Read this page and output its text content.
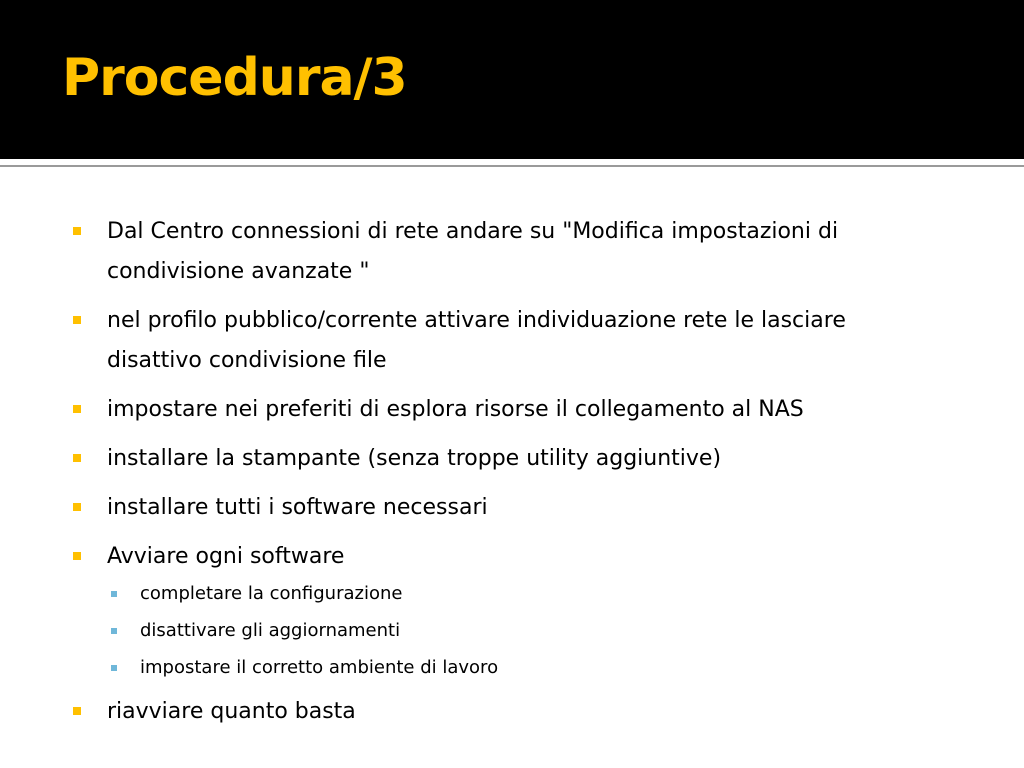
Procedura/3
Dal Centro connessioni di rete andare su "Modifica impostazioni di condivisione avanzate "
nel profilo pubblico/corrente attivare individuazione rete le lasciare disattivo condivisione file
impostare nei preferiti di esplora risorse il collegamento al NAS
installare la stampante (senza troppe utility aggiuntive)
installare tutti i software necessari
Avviare ogni software
completare la configurazione
disattivare gli aggiornamenti
impostare il corretto ambiente di lavoro
riavviare quanto basta
